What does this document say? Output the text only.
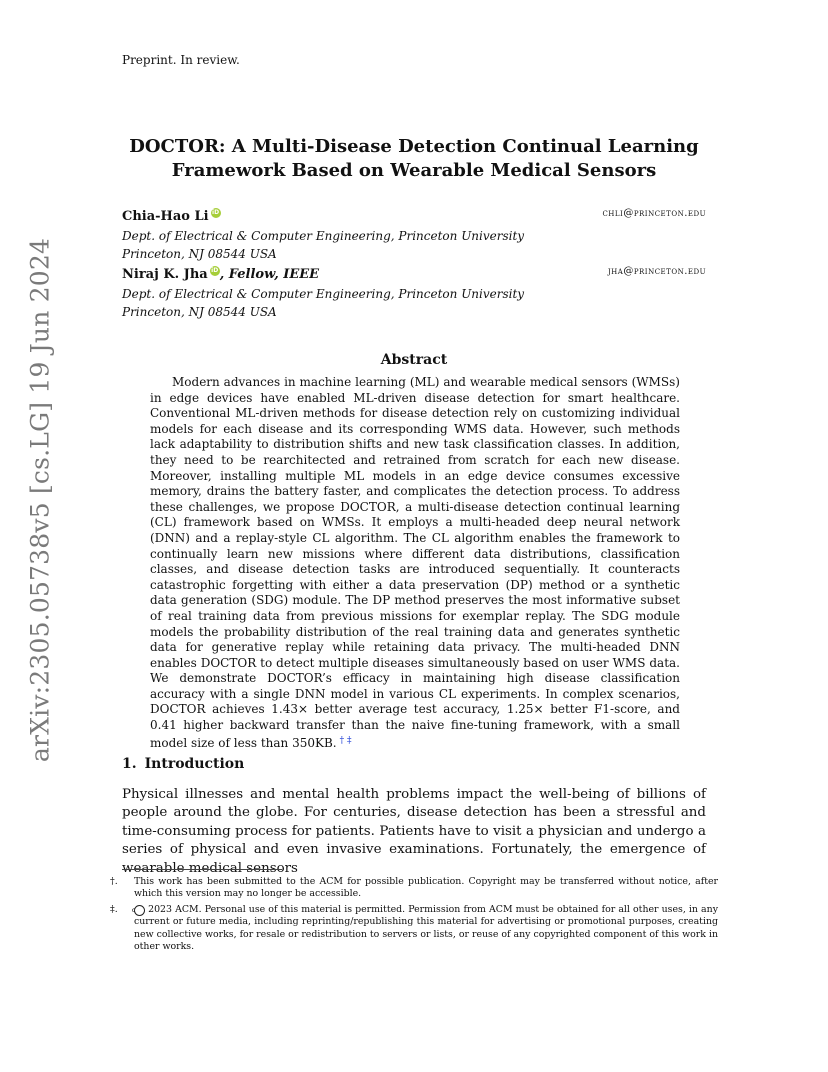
Preprint. In review.
arXiv:2305.05738v5 [cs.LG] 19 Jun 2024
DOCTOR: A Multi-Disease Detection Continual Learning
Framework Based on Wearable Medical Sensors
Chia-Hao Li iD	chli@princeton.edu
Dept. of Electrical & Computer Engineering, Princeton University
Princeton, NJ 08544 USA
Niraj K. Jha iD, Fellow, IEEE	jha@princeton.edu
Dept. of Electrical & Computer Engineering, Princeton University
Princeton, NJ 08544 USA
Abstract
Modern advances in machine learning (ML) and wearable medical sensors (WMSs) in edge devices have enabled ML-driven disease detection for smart healthcare. Conventional ML-driven methods for disease detection rely on customizing individual models for each disease and its corresponding WMS data. However, such methods lack adaptability to distribution shifts and new task classification classes. In addition, they need to be rearchitected and retrained from scratch for each new disease. Moreover, installing multiple ML models in an edge device consumes excessive memory, drains the battery faster, and complicates the detection process. To address these challenges, we propose DOCTOR, a multi-disease detection continual learning (CL) framework based on WMSs. It employs a multi-headed deep neural network (DNN) and a replay-style CL algorithm. The CL algorithm enables the framework to continually learn new missions where different data distributions, classification classes, and disease detection tasks are introduced sequentially. It counteracts catastrophic forgetting with either a data preservation (DP) method or a synthetic data generation (SDG) module. The DP method preserves the most informative subset of real training data from previous missions for exemplar replay. The SDG module models the probability distribution of the real training data and generates synthetic data for generative replay while retaining data privacy. The multi-headed DNN enables DOCTOR to detect multiple diseases simultaneously based on user WMS data. We demonstrate DOCTOR’s efficacy in maintaining high disease classification accuracy with a single DNN model in various CL experiments. In complex scenarios, DOCTOR achieves 1.43× better average test accuracy, 1.25× better F1-score, and 0.41 higher backward transfer than the naive fine-tuning framework, with a small model size of less than 350KB. † ‡
1. Introduction
Physical illnesses and mental health problems impact the well-being of billions of people around the globe. For centuries, disease detection has been a stressful and time-consuming process for patients. Patients have to visit a physician and undergo a series of physical and even invasive examinations. Fortunately, the emergence of wearable medical sensors
†. This work has been submitted to the ACM for possible publication. Copyright may be transferred without notice, after which this version may no longer be accessible.
‡. c 2023 ACM. Personal use of this material is permitted. Permission from ACM must be obtained for all other uses, in any current or future media, including reprinting/republishing this material for advertising or promotional purposes, creating new collective works, for resale or redistribution to servers or lists, or reuse of any copyrighted component of this work in other works.
